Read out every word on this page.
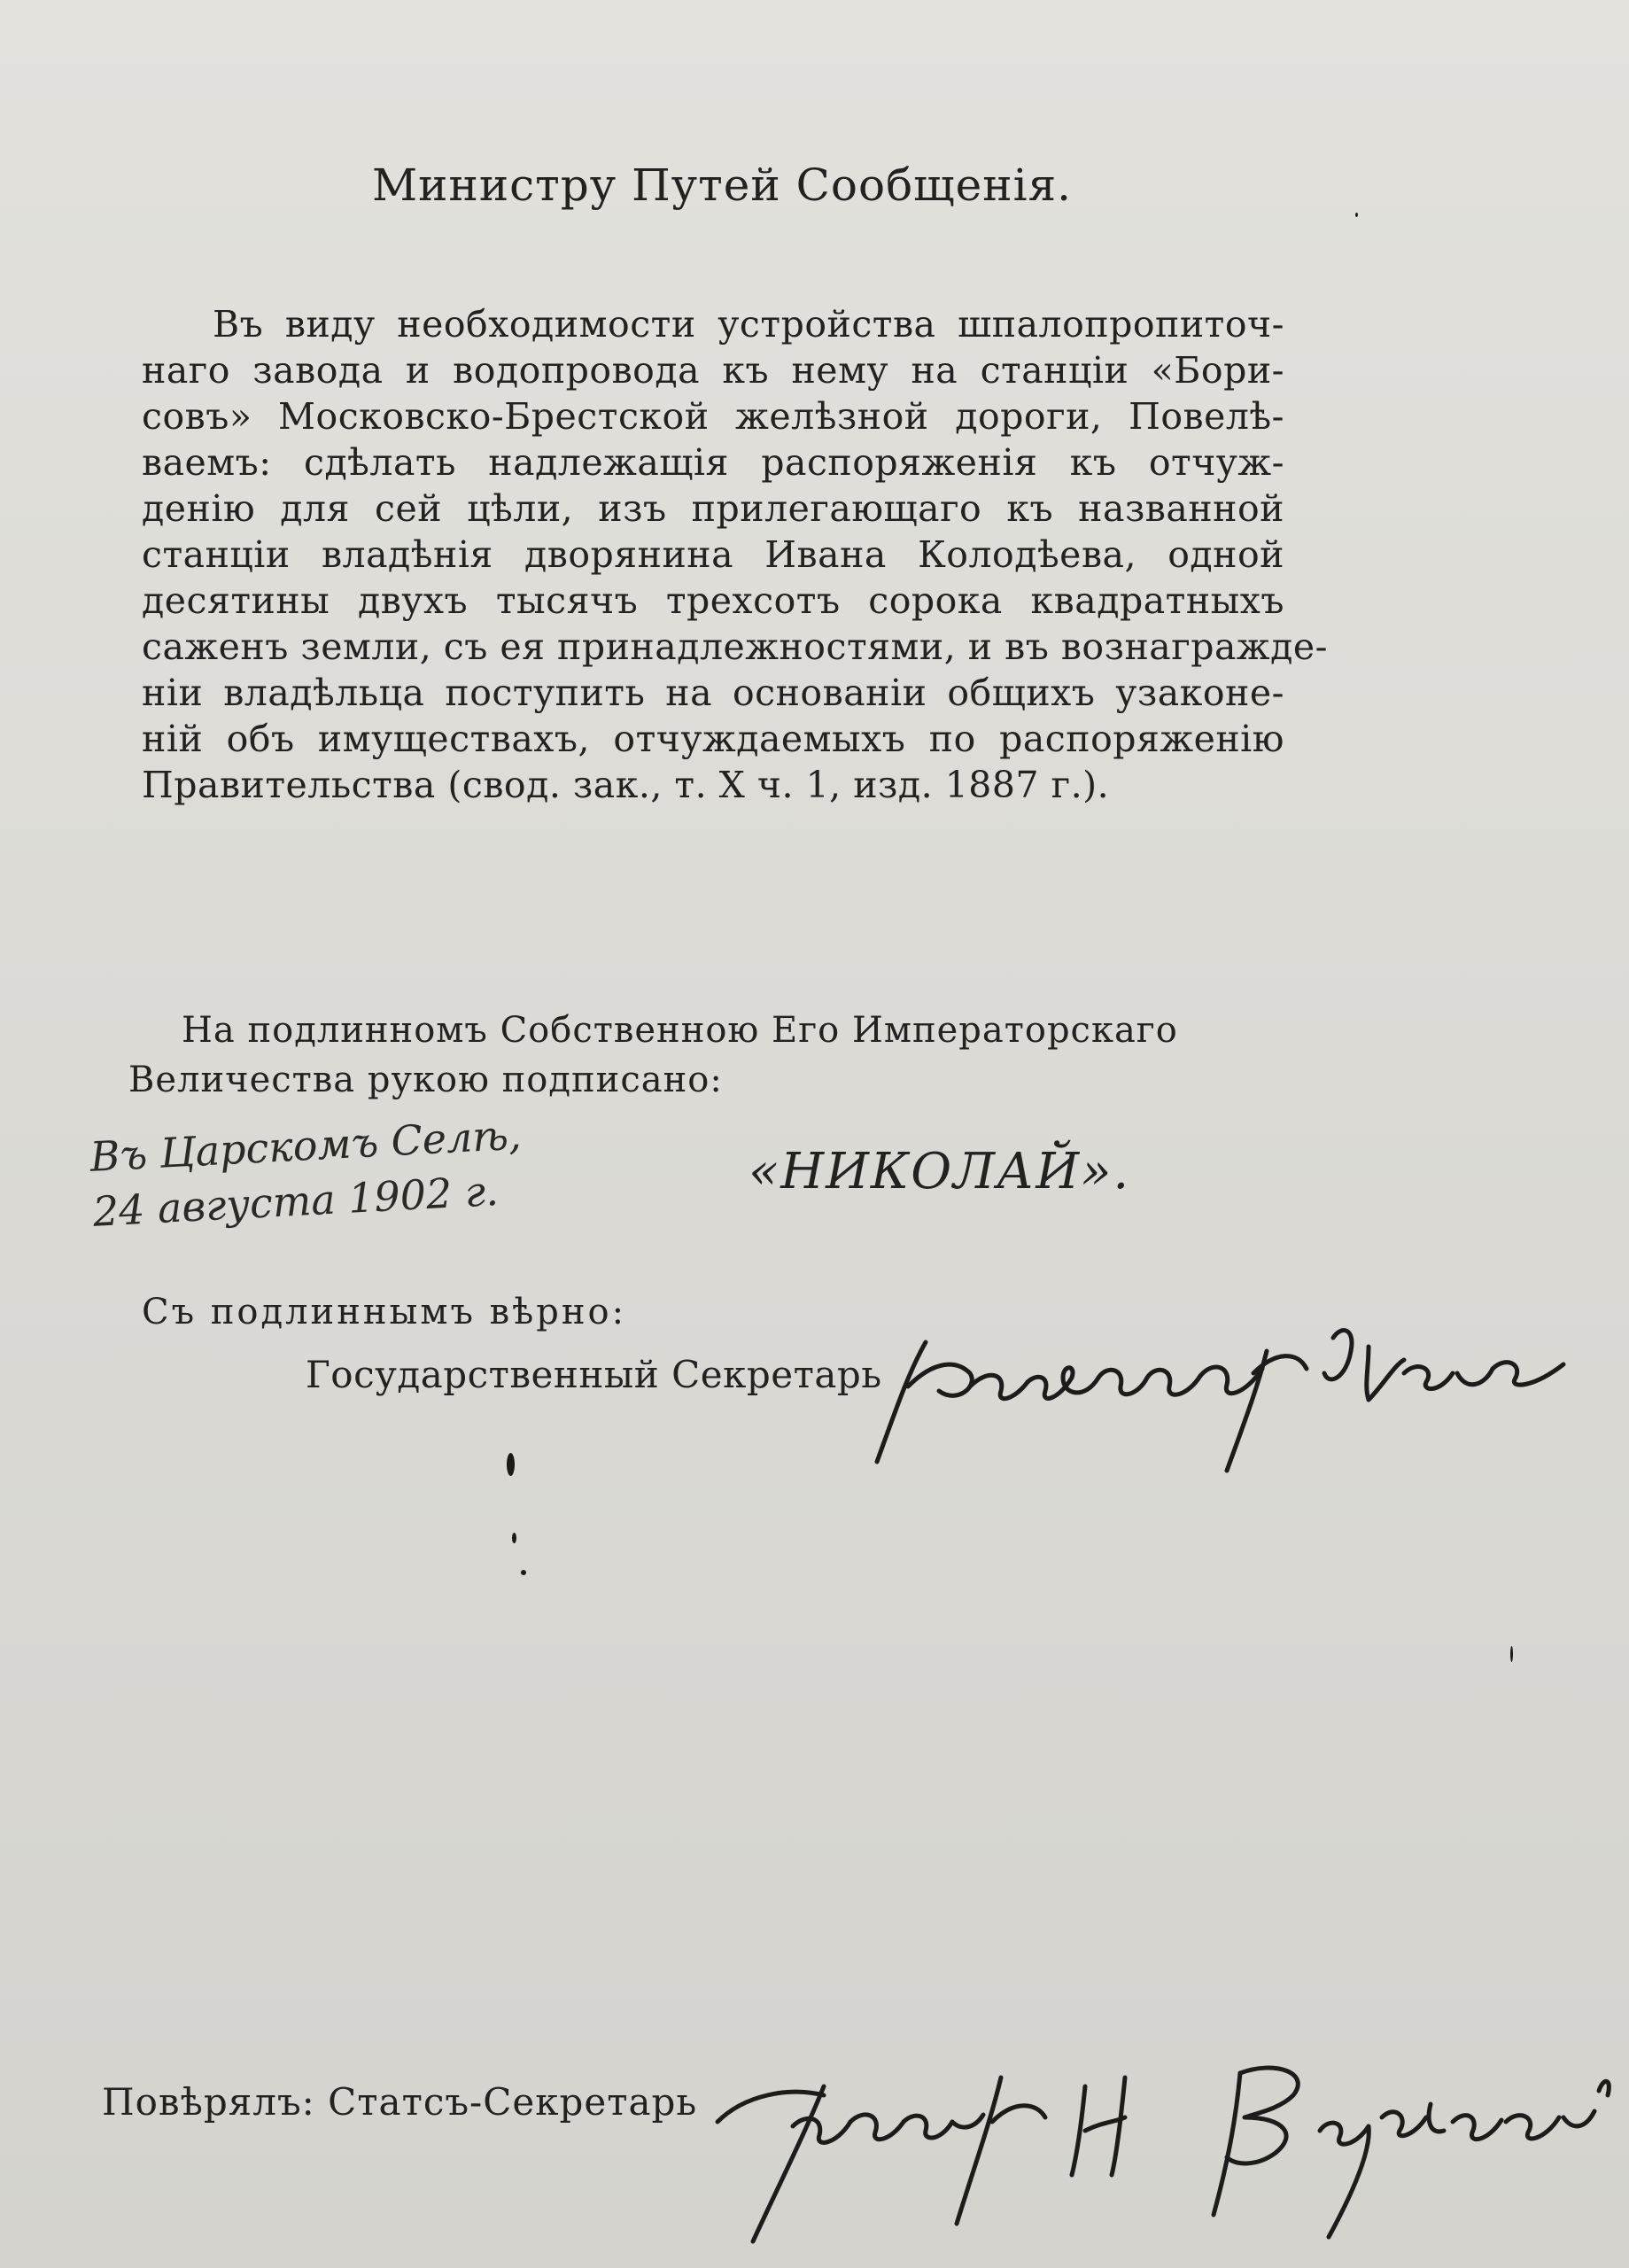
Министру Путей Сообщенія.
Въ виду необходимости устройства шпалопропиточ-
наго завода и водопровода къ нему на станціи «Бори-
совъ» Московско-Брестской желѣзной дороги, Повелѣ-
ваемъ: сдѣлать надлежащія распоряженія къ отчуж-
денію для сей цѣли, изъ прилегающаго къ названной
станціи владѣнія дворянина Ивана Колодѣева, одной
десятины двухъ тысячъ трехсотъ сорока квадратныхъ
саженъ земли, съ ея принадлежностями, и въ вознагражде-
ніи владѣльца поступить на основаніи общихъ узаконе-
ній объ имуществахъ, отчуждаемыхъ по распоряженію
Правительства (свод. зак., т. X ч. 1, изд. 1887 г.).
На подлинномъ Собственною Его Императорскаго
Величества рукою подписано:
Въ Царскомъ Селѣ,
24 августа 1902 г.	«НИКОЛАЙ».
Съ подлиннымъ вѣрно:
Государственный Секретарь
Повѣрялъ: Статсъ-Секретарь
